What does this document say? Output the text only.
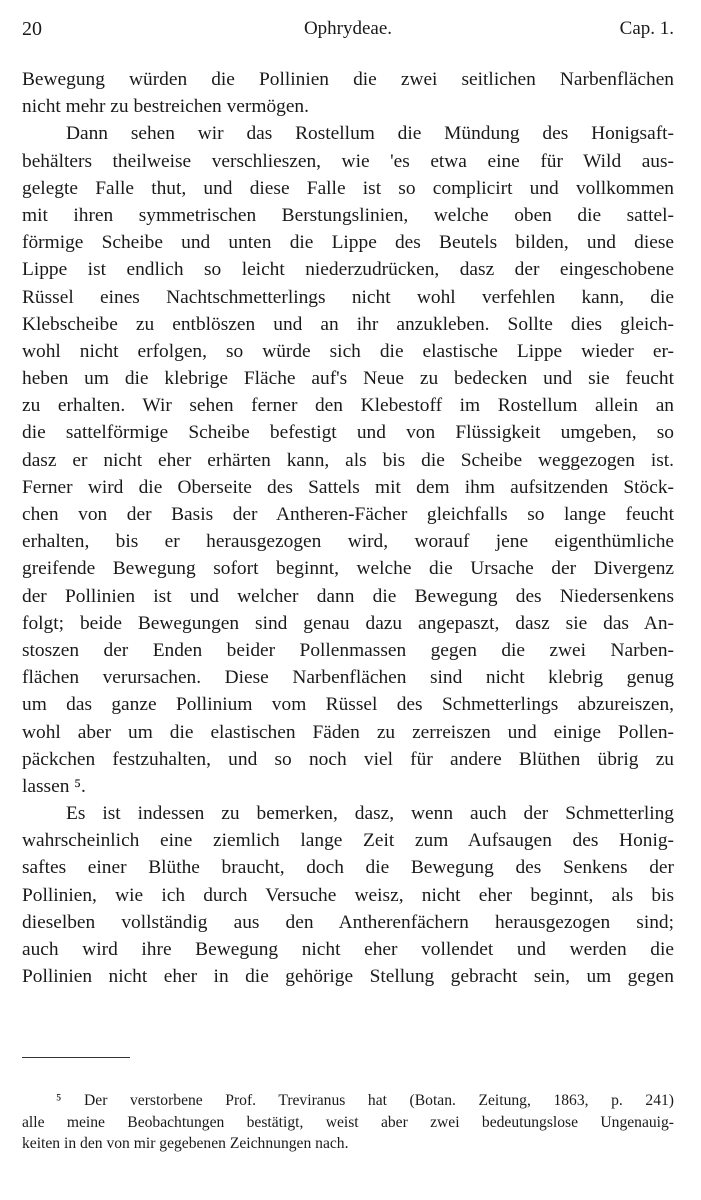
20	Ophrydeae.	Cap. 1.
Bewegung würden die Pollinien die zwei seitlichen Narbenflächen
nicht mehr zu bestreichen vermögen.
Dann sehen wir das Rostellum die Mündung des Honigsaft-
behälters theilweise verschlieszen, wie 'es etwa eine für Wild aus-
gelegte Falle thut, und diese Falle ist so complicirt und vollkommen
mit ihren symmetrischen Berstungslinien, welche oben die sattel-
förmige Scheibe und unten die Lippe des Beutels bilden, und diese
Lippe ist endlich so leicht niederzudrücken, dasz der eingeschobene
Rüssel eines Nachtschmetterlings nicht wohl verfehlen kann, die
Klebscheibe zu entblöszen und an ihr anzukleben. Sollte dies gleich-
wohl nicht erfolgen, so würde sich die elastische Lippe wieder er-
heben um die klebrige Fläche auf's Neue zu bedecken und sie feucht
zu erhalten. Wir sehen ferner den Klebestoff im Rostellum allein an
die sattelförmige Scheibe befestigt und von Flüssigkeit umgeben, so
dasz er nicht eher erhärten kann, als bis die Scheibe weggezogen ist.
Ferner wird die Oberseite des Sattels mit dem ihm aufsitzenden Stöck-
chen von der Basis der Antheren-Fächer gleichfalls so lange feucht
erhalten, bis er herausgezogen wird, worauf jene eigenthümliche
greifende Bewegung sofort beginnt, welche die Ursache der Divergenz
der Pollinien ist und welcher dann die Bewegung des Niedersenkens
folgt; beide Bewegungen sind genau dazu angepaszt, dasz sie das An-
stoszen der Enden beider Pollenmassen gegen die zwei Narben-
flächen verursachen. Diese Narbenflächen sind nicht klebrig genug
um das ganze Pollinium vom Rüssel des Schmetterlings abzureiszen,
wohl aber um die elastischen Fäden zu zerreiszen und einige Pollen-
päckchen festzuhalten, und so noch viel für andere Blüthen übrig zu
lassen ⁵.
Es ist indessen zu bemerken, dasz, wenn auch der Schmetterling
wahrscheinlich eine ziemlich lange Zeit zum Aufsaugen des Honig-
saftes einer Blüthe braucht, doch die Bewegung des Senkens der
Pollinien, wie ich durch Versuche weisz, nicht eher beginnt, als bis
dieselben vollständig aus den Antherenfächern herausgezogen sind;
auch wird ihre Bewegung nicht eher vollendet und werden die
Pollinien nicht eher in die gehörige Stellung gebracht sein, um gegen
⁵ Der verstorbene Prof. Treviranus hat (Botan. Zeitung, 1863, p. 241)
alle meine Beobachtungen bestätigt, weist aber zwei bedeutungslose Ungenauig-
keiten in den von mir gegebenen Zeichnungen nach.
